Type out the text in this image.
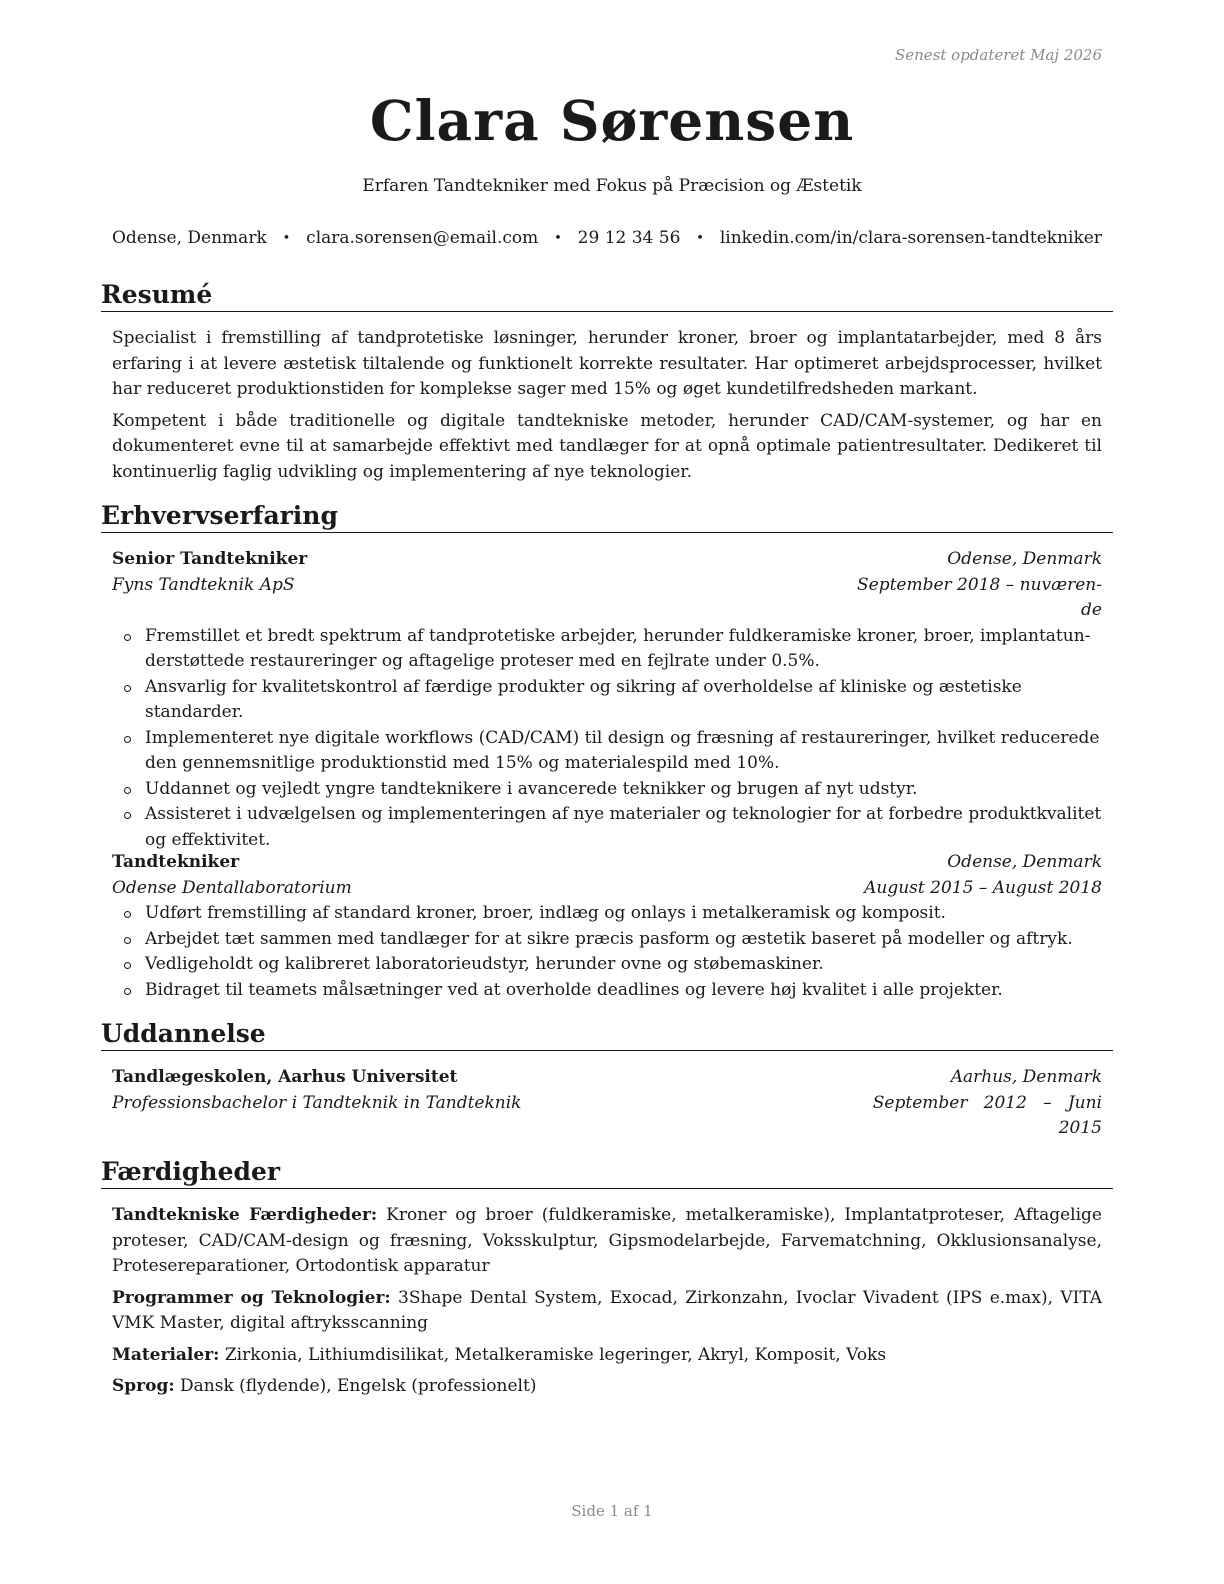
Senest opdateret Maj 2026
Clara Sørensen
Erfaren Tandtekniker med Fokus på Præcision og Æstetik
Odense, Denmark • clara.sorensen@email.com • 29 12 34 56 • linkedin.com/in/clara-sorensen-tandtekniker
Resumé

Specialist i fremstilling af tandprotetiske løsninger, herunder kroner, broer og implantatarbejder, med 8 års erfaring i at levere æstetisk tiltalende og funktionelt korrekte resultater. Har optimeret arbejdsprocesser, hvilket har reduceret produktionstiden for komplekse sager med 15% og øget kundetilfredsheden markant.

Kompetent i både traditionelle og digitale tandtekniske metoder, herunder CAD/CAM-systemer, og har en dokumenteret evne til at samarbejde effektivt med tandlæger for at opnå optimale patientresultater. Dedikeret til kontinuerlig faglig udvikling og implementering af nye teknologier.

Erhvervserfaring
Senior Tandtekniker	Odense, Denmark
Fyns Tandteknik ApS	September 2018 – nuværen-
de
Fremstillet et bredt spektrum af tandprotetiske arbejder, herunder fuldkeramiske kroner, broer, implantatun-derstøttede restaureringer og aftagelige proteser med en fejlrate under 0.5%.
Ansvarlig for kvalitetskontrol af færdige produkter og sikring af overholdelse af kliniske og æstetiske standarder.
Implementeret nye digitale workflows (CAD/CAM) til design og fræsning af restaureringer, hvilket reducerede den gennemsnitlige produktionstid med 15% og materialespild med 10%.
Uddannet og vejledt yngre tandteknikere i avancerede teknikker og brugen af nyt udstyr.
Assisteret i udvælgelsen og implementeringen af nye materialer og teknologier for at forbedre produktkvalitet og effektivitet.
Tandtekniker	Odense, Denmark
Odense Dentallaboratorium	August 2015 – August 2018
Udført fremstilling af standard kroner, broer, indlæg og onlays i metalkeramisk og komposit.
Arbejdet tæt sammen med tandlæger for at sikre præcis pasform og æstetik baseret på modeller og aftryk.
Vedligeholdt og kalibreret laboratorieudstyr, herunder ovne og støbemaskiner.
Bidraget til teamets målsætninger ved at overholde deadlines og levere høj kvalitet i alle projekter.
Uddannelse
Tandlægeskolen, Aarhus Universitet	Aarhus, Denmark
Professionsbachelor i Tandteknik in Tandteknik	September   2012   –   Juni
2015
Færdigheder

Tandtekniske Færdigheder: Kroner og broer (fuldkeramiske, metalkeramiske), Implantatproteser, Aftagelige proteser, CAD/CAM-design og fræsning, Voksskulptur, Gipsmodelarbejde, Farvematchning, Okklusionsanalyse, Protesereparationer, Ortodontisk apparatur

Programmer og Teknologier: 3Shape Dental System, Exocad, Zirkonzahn, Ivoclar Vivadent (IPS e.max), VITA VMK Master, digital aftryksscanning

Materialer: Zirkonia, Lithiumdisilikat, Metalkeramiske legeringer, Akryl, Komposit, Voks

Sprog: Dansk (flydende), Engelsk (professionelt)

Side 1 af 1
